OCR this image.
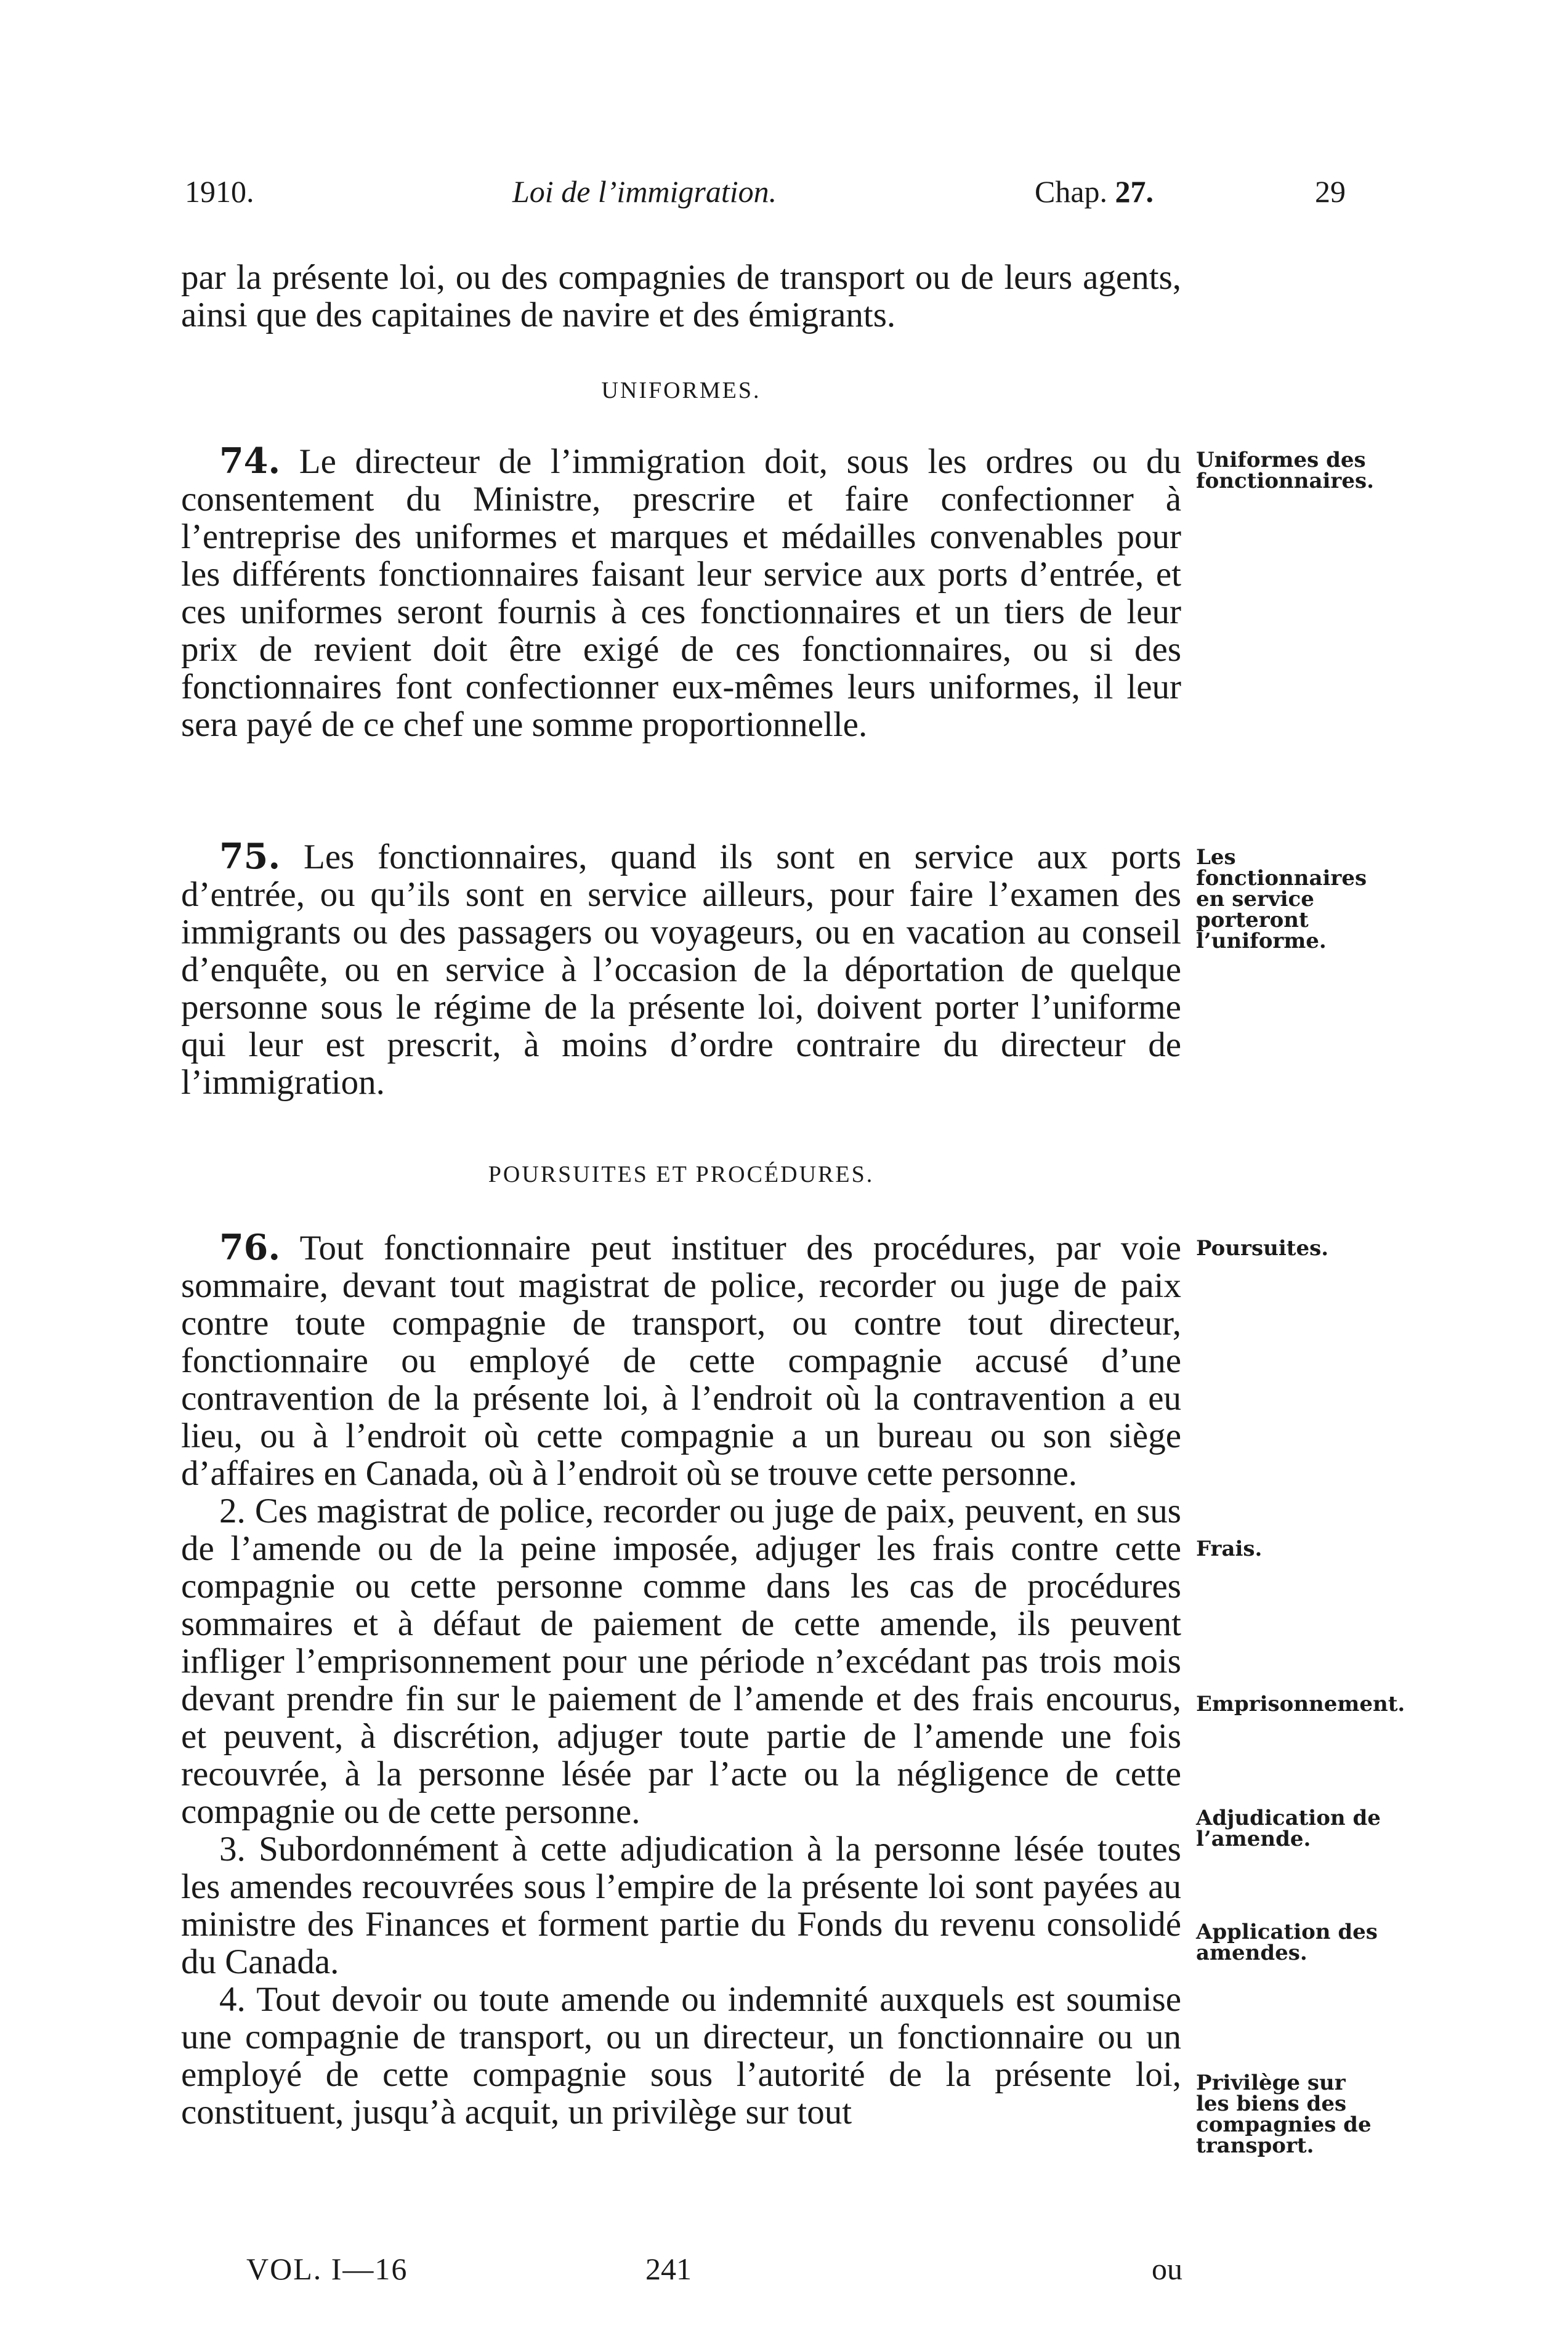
1910.	Loi de l’immigration.	Chap. 27.	29

par la présente loi, ou des compagnies de transport ou de leurs agents, ainsi que des capitaines de navire et des émigrants.

UNIFORMES.

74. Le directeur de l’immigration doit, sous les ordres ou du consentement du Ministre, prescrire et faire confectionner à l’entreprise des uniformes et marques et médailles convenables pour les différents fonctionnaires faisant leur service aux ports d’entrée, et ces uniformes seront fournis à ces fonctionnaires et un tiers de leur prix de revient doit être exigé de ces fonctionnaires, ou si des fonctionnaires font confectionner eux-mêmes leurs uniformes, il leur sera payé de ce chef une somme proportionnelle.

75. Les fonctionnaires, quand ils sont en service aux ports d’entrée, ou qu’ils sont en service ailleurs, pour faire l’examen des immigrants ou des passagers ou voyageurs, ou en vacation au conseil d’enquête, ou en service à l’occasion de la déportation de quelque personne sous le régime de la présente loi, doivent porter l’uniforme qui leur est prescrit, à moins d’ordre contraire du directeur de l’immigration.

POURSUITES ET PROCÉDURES.

76. Tout fonctionnaire peut instituer des procédures, par voie sommaire, devant tout magistrat de police, recorder ou juge de paix contre toute compagnie de transport, ou contre tout directeur, fonctionnaire ou employé de cette compagnie accusé d’une contravention de la présente loi, à l’endroit où la contravention a eu lieu, ou à l’endroit où cette compagnie a un bureau ou son siège d’affaires en Canada, où à l’endroit où se trouve cette personne.

2. Ces magistrat de police, recorder ou juge de paix, peuvent, en sus de l’amende ou de la peine imposée, adjuger les frais contre cette compagnie ou cette personne comme dans les cas de procédures sommaires et à défaut de paiement de cette amende, ils peuvent infliger l’emprisonnement pour une période n’excédant pas trois mois devant prendre fin sur le paiement de l’amende et des frais encourus, et peuvent, à discrétion, adjuger toute partie de l’amende une fois recouvrée, à la personne lésée par l’acte ou la négligence de cette compagnie ou de cette personne.

3. Subordonnément à cette adjudication à la personne lésée toutes les amendes recouvrées sous l’empire de la présente loi sont payées au ministre des Finances et forment partie du Fonds du revenu consolidé du Canada.

4. Tout devoir ou toute amende ou indemnité auxquels est soumise une compagnie de transport, ou un directeur, un fonctionnaire ou un employé de cette compagnie sous l’autorité de la présente loi, constituent, jusqu’à acquit, un privilège sur tout

Uniformes des fonctionnaires.
Les fonctionnaires en service porteront l’uniforme.
Poursuites.
Frais.
Emprisonnement.
Adjudication de l’amende.
Application des amendes.
Privilège sur les biens des compagnies de transport.
VOL. I—16	241	ou
